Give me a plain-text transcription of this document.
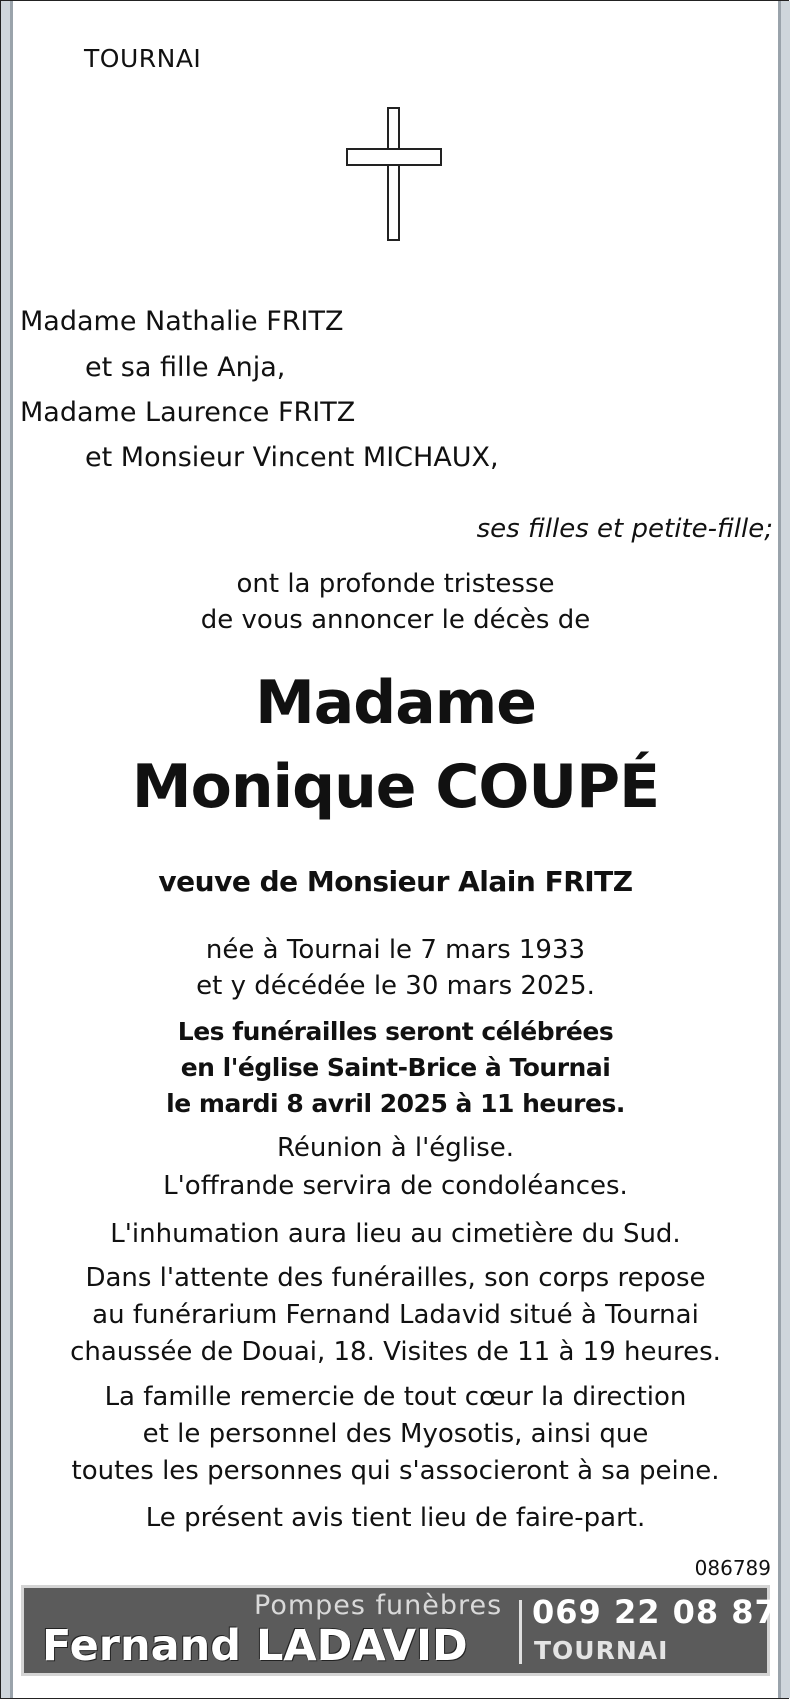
TOURNAI
Madame Nathalie FRITZ
et sa fille Anja,
Madame Laurence FRITZ
et Monsieur Vincent MICHAUX,
ses filles et petite-fille;
ont la profonde tristesse
de vous annoncer le décès de
Madame
Monique COUPÉ
veuve de Monsieur Alain FRITZ
née à Tournai le 7 mars 1933
et y décédée le 30 mars 2025.
Les funérailles seront célébrées
en l'église Saint-Brice à Tournai
le mardi 8 avril 2025 à 11 heures.
Réunion à l'église.
L'offrande servira de condoléances.
L'inhumation aura lieu au cimetière du Sud.
Dans l'attente des funérailles, son corps repose
au funérarium Fernand Ladavid situé à Tournai
chaussée de Douai, 18. Visites de 11 à 19 heures.
La famille remercie de tout cœur la direction
et le personnel des Myosotis, ainsi que
toutes les personnes qui s'associeront à sa peine.
Le présent avis tient lieu de faire-part.
086789
Pompes funèbres
Fernand LADAVID
069 22 08 87
TOURNAI
